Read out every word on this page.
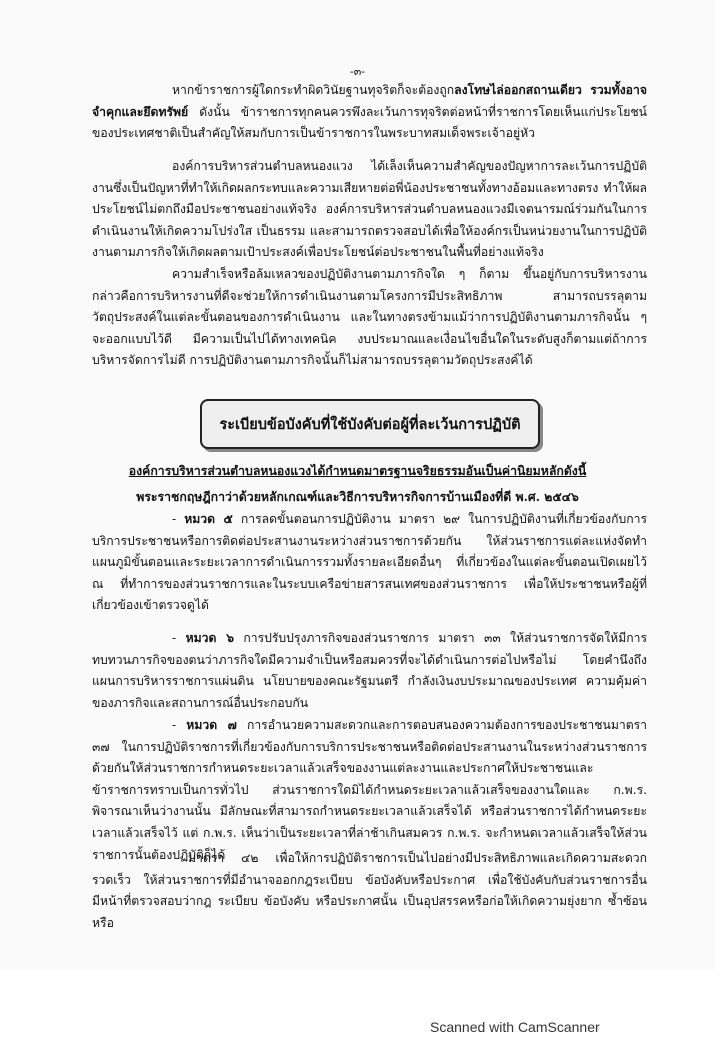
-๓-
หากข้าราชการผู้ใดกระทำผิดวินัยฐานทุจริตก็จะต้องถูกลงโทษไล่ออกสถานเดียว รวมทั้งอาจจำคุกและยึดทรัพย์ ดังนั้น ข้าราชการทุกคนควรพึงละเว้นการทุจริตต่อหน้าที่ราชการโดยเห็นแก่ประโยชน์ของประเทศชาติเป็นสำคัญให้สมกับการเป็นข้าราชการในพระบาทสมเด็จพระเจ้าอยู่หัว
องค์การบริหารส่วนตำบลหนองแวง ได้เล็งเห็นความสำคัญของปัญหาการละเว้นการปฏิบัติงานซึ่งเป็นปัญหาที่ทำให้เกิดผลกระทบและความเสียหายต่อพี่น้องประชาชนทั้งทางอ้อมและทางตรง ทำให้ผลประโยชน์ไม่ตกถึงมือประชาชนอย่างแท้จริง องค์การบริหารส่วนตำบลหนองแวงมีเจตนารมณ์ร่วมกันในการดำเนินงานให้เกิดความโปร่งใส เป็นธรรม และสามารถตรวจสอบได้เพื่อให้องค์กรเป็นหน่วยงานในการปฏิบัติงานตามภารกิจให้เกิดผลตามเป้าประสงค์เพื่อประโยชน์ต่อประชาชนในพื้นที่อย่างแท้จริง
ความสำเร็จหรือล้มเหลวของปฏิบัติงานตามภารกิจใด ๆ ก็ตาม ขึ้นอยู่กับการบริหารงาน กล่าวคือการบริหารงานที่ดีจะช่วยให้การดำเนินงานตามโครงการมีประสิทธิภาพ สามารถบรรลุตามวัตถุประสงค์ในแต่ละขั้นตอนของการดำเนินงาน และในทางตรงข้ามแม้ว่าการปฏิบัติงานตามภารกิจนั้น ๆ จะออกแบบไว้ดี มีความเป็นไปได้ทางเทคนิค งบประมาณและเงื่อนไขอื่นใดในระดับสูงก็ตามแต่ถ้าการบริหารจัดการไม่ดี การปฏิบัติงานตามภารกิจนั้นก็ไม่สามารถบรรลุตามวัตถุประสงค์ได้
ระเบียบข้อบังคับที่ใช้บังคับต่อผู้ที่ละเว้นการปฏิบัติ
องค์การบริหารส่วนตำบลหนองแวงได้กำหนดมาตรฐานจริยธรรมอันเป็นค่านิยมหลักดังนี้
พระราชกฤษฎีกาว่าด้วยหลักเกณฑ์และวิธีการบริหารกิจการบ้านเมืองที่ดี พ.ศ. ๒๕๔๖
- หมวด ๕ การลดขั้นตอนการปฏิบัติงาน มาตรา ๒๙ ในการปฏิบัติงานที่เกี่ยวข้องกับการบริการประชาชนหรือการติดต่อประสานงานระหว่างส่วนราชการด้วยกัน ให้ส่วนราชการแต่ละแห่งจัดทำแผนภูมิขั้นตอนและระยะเวลาการดำเนินการรวมทั้งรายละเอียดอื่นๆ ที่เกี่ยวข้องในแต่ละขั้นตอนเปิดเผยไว้ ณ ที่ทำการของส่วนราชการและในระบบเครือข่ายสารสนเทศของส่วนราชการ เพื่อให้ประชาชนหรือผู้ที่เกี่ยวข้องเข้าตรวจดูได้
- หมวด ๖ การปรับปรุงภารกิจของส่วนราชการ มาตรา ๓๓ ให้ส่วนราชการจัดให้มีการทบทวนภารกิจของตนว่าภารกิจใดมีความจำเป็นหรือสมควรที่จะได้ดำเนินการต่อไปหรือไม่ โดยคำนึงถึงแผนการบริหารราชการแผ่นดิน นโยบายของคณะรัฐมนตรี กำลังเงินงบประมาณของประเทศ ความคุ้มค่าของภารกิจและสถานการณ์อื่นประกอบกัน
- หมวด ๗ การอำนวยความสะดวกและการตอบสนองความต้องการของประชาชนมาตรา ๓๗ ในการปฏิบัติราชการที่เกี่ยวข้องกับการบริการประชาชนหรือติดต่อประสานงานในระหว่างส่วนราชการด้วยกันให้ส่วนราชการกำหนดระยะเวลาแล้วเสร็จของงานแต่ละงานและประกาศให้ประชาชนและข้าราชการทราบเป็นการทั่วไป ส่วนราชการใดมิได้กำหนดระยะเวลาแล้วเสร็จของงานใดและ ก.พ.ร. พิจารณาเห็นว่างานนั้น มีลักษณะที่สามารถกำหนดระยะเวลาแล้วเสร็จได้ หรือส่วนราชการได้กำหนดระยะเวลาแล้วเสร็จไว้ แต่ ก.พ.ร. เห็นว่าเป็นระยะเวลาที่ล่าช้าเกินสมควร ก.พ.ร. จะกำหนดเวลาแล้วเสร็จให้ส่วนราชการนั้นต้องปฏิบัติก็ได้
มาตรา ๔๒ เพื่อให้การปฏิบัติราชการเป็นไปอย่างมีประสิทธิภาพและเกิดความสะดวกรวดเร็ว ให้ส่วนราชการที่มีอำนาจออกกฎระเบียบ ข้อบังคับหรือประกาศ เพื่อใช้บังคับกับส่วนราชการอื่น มีหน้าที่ตรวจสอบว่ากฎ ระเบียบ ข้อบังคับ หรือประกาศนั้น เป็นอุปสรรคหรือก่อให้เกิดความยุ่งยาก ซ้ำซ้อน หรือ
Scanned with CamScanner
